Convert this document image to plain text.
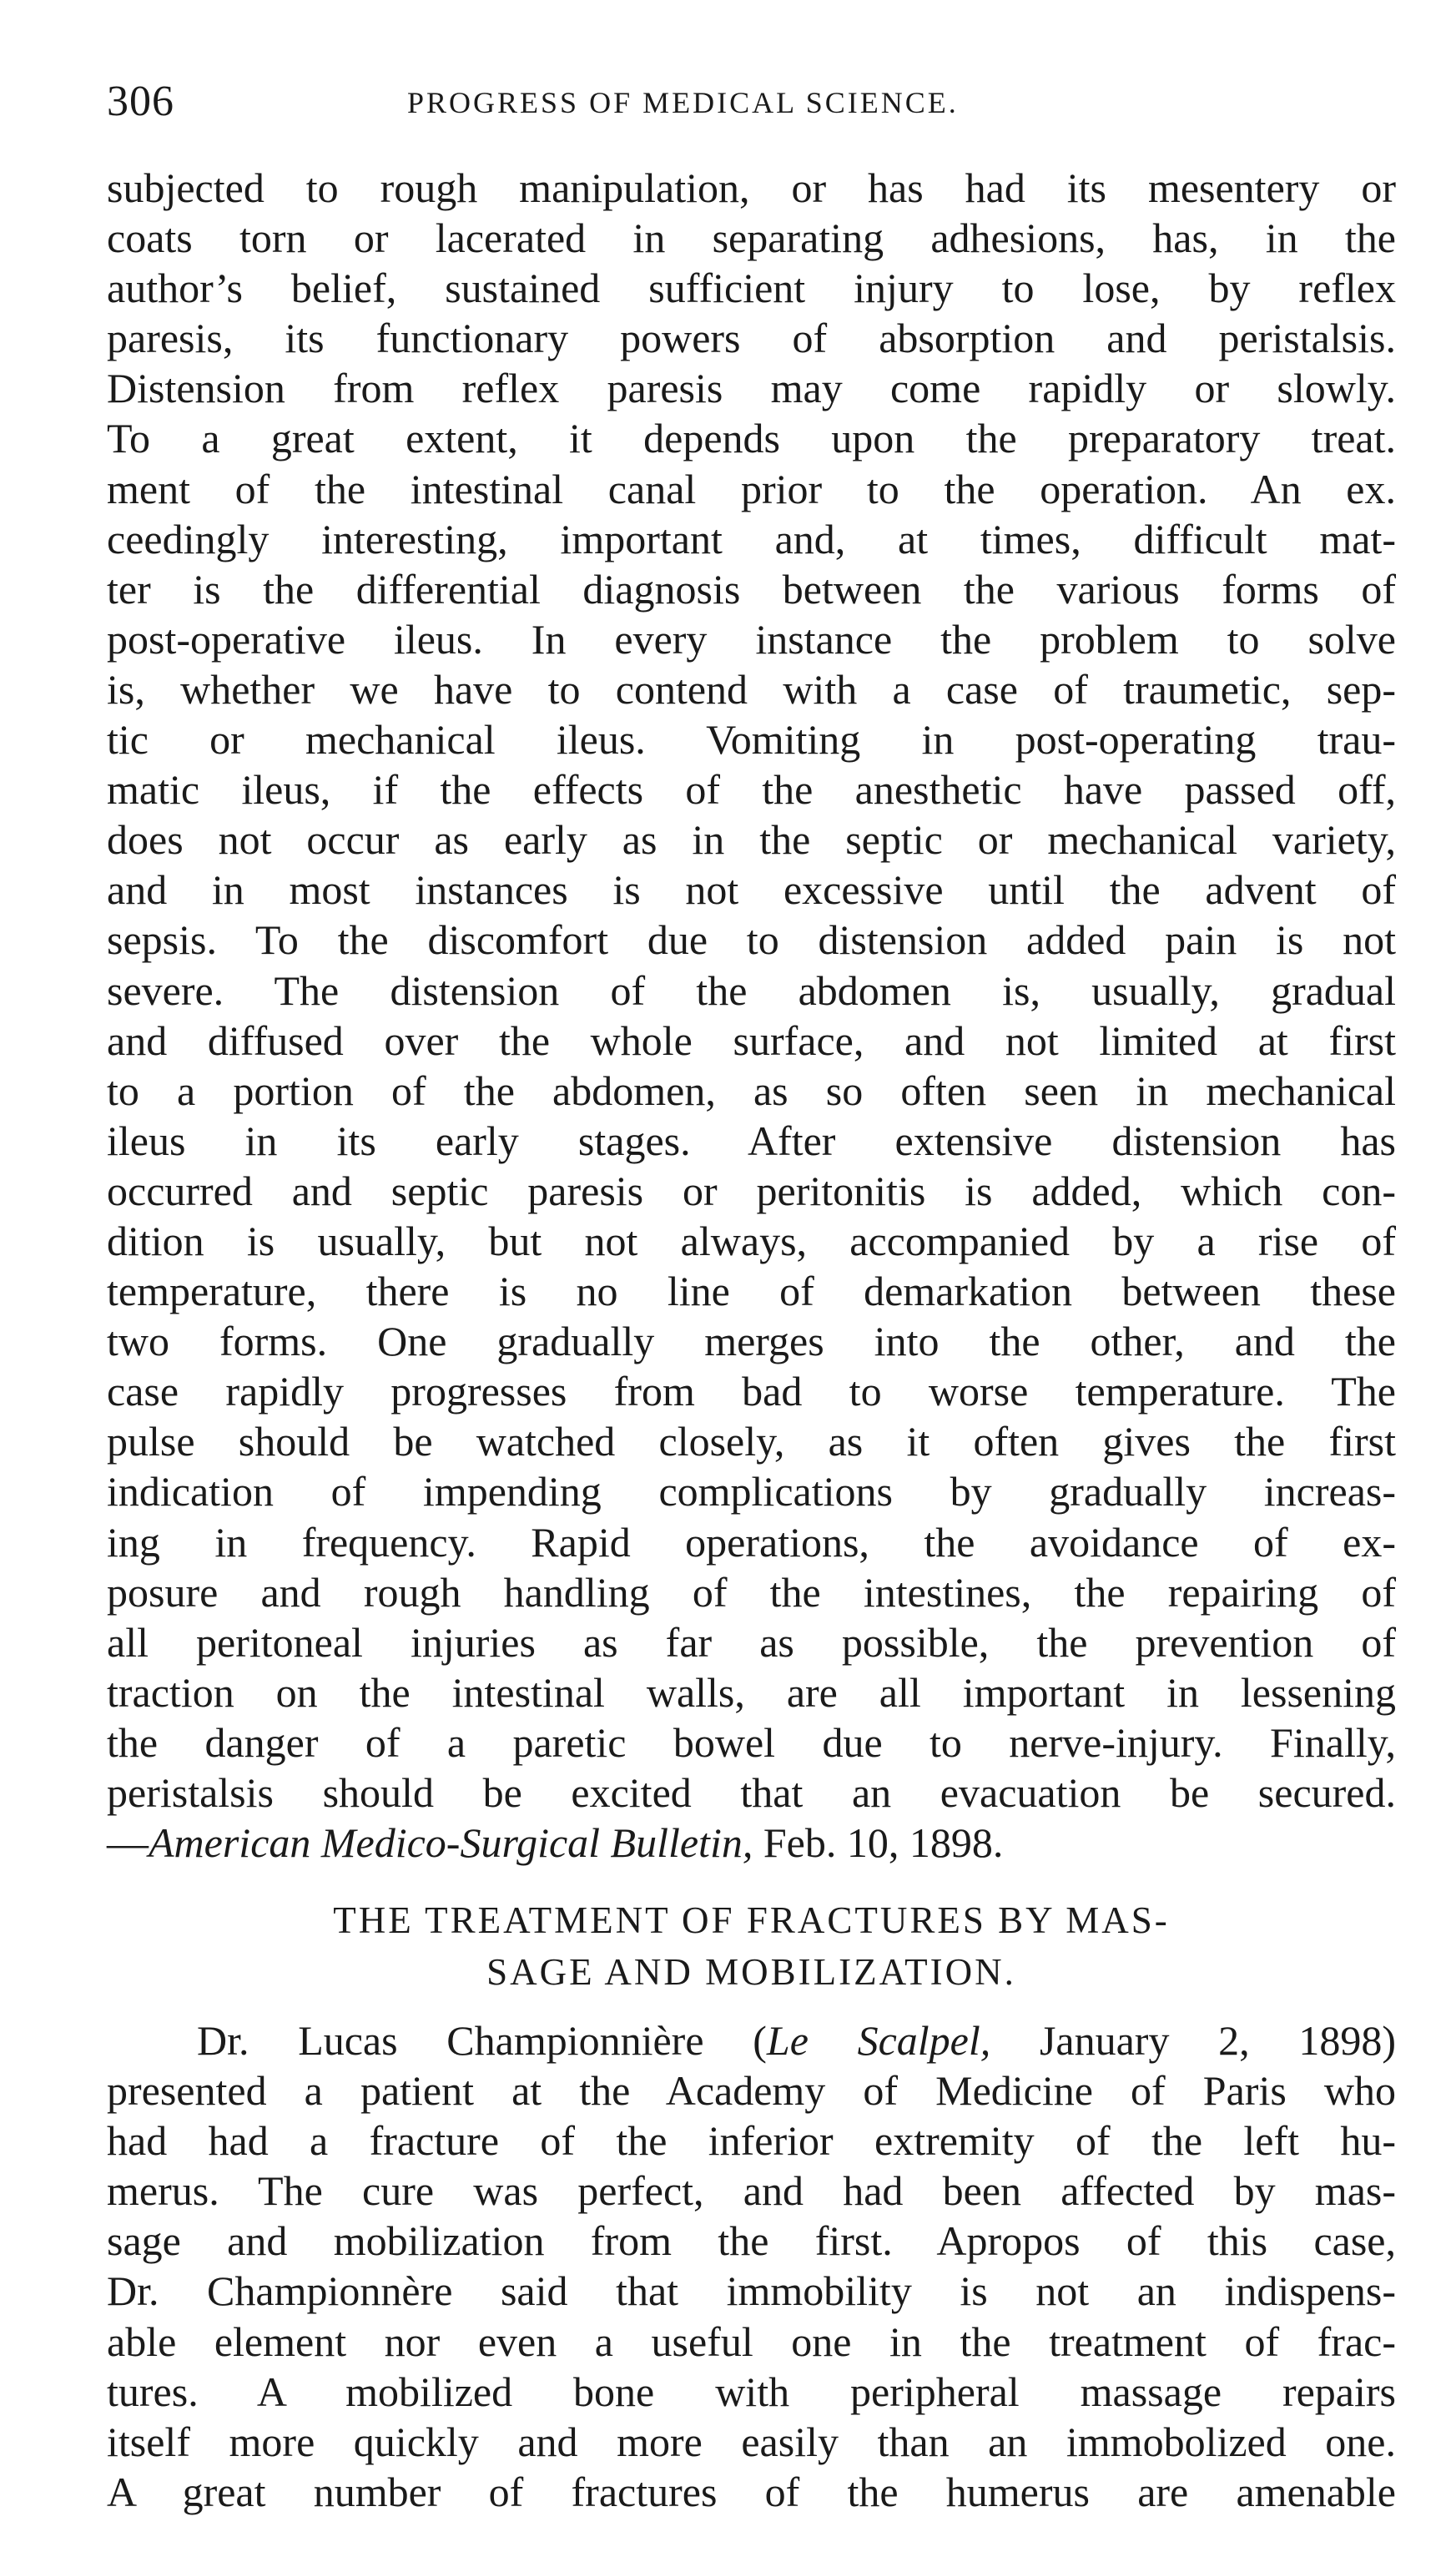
306	PROGRESS OF MEDICAL SCIENCE.
subjected to rough manipulation, or has had its mesentery or
coats torn or lacerated in separating adhesions, has, in the
author’s belief, sustained sufficient injury to lose, by reflex
paresis, its functionary powers of absorption and peristalsis.
Distension from reflex paresis may come rapidly or slowly.
To a great extent, it depends upon the preparatory treat.
ment of the intestinal canal prior to the operation. An ex.
ceedingly interesting, important and, at times, difficult mat-
ter is the differential diagnosis between the various forms of
post-operative ileus. In every instance the problem to solve
is, whether we have to contend with a case of traumetic, sep-
tic or mechanical ileus. Vomiting in post-operating trau-
matic ileus, if the effects of the anesthetic have passed off,
does not occur as early as in the septic or mechanical variety,
and in most instances is not excessive until the advent of
sepsis. To the discomfort due to distension added pain is not
severe. The distension of the abdomen is, usually, gradual
and diffused over the whole surface, and not limited at first
to a portion of the abdomen, as so often seen in mechanical
ileus in its early stages. After extensive distension has
occurred and septic paresis or peritonitis is added, which con-
dition is usually, but not always, accompanied by a rise of
temperature, there is no line of demarkation between these
two forms. One gradually merges into the other, and the
case rapidly progresses from bad to worse temperature. The
pulse should be watched closely, as it often gives the first
indication of impending complications by gradually increas-
ing in frequency. Rapid operations, the avoidance of ex-
posure and rough handling of the intestines, the repairing of
all peritoneal injuries as far as possible, the prevention of
traction on the intestinal walls, are all important in lessening
the danger of a paretic bowel due to nerve-injury. Finally,
peristalsis should be excited that an evacuation be secured.
—American Medico-Surgical Bulletin, Feb. 10, 1898.
THE TREATMENT OF FRACTURES BY MAS-
SAGE AND MOBILIZATION.
Dr. Lucas Championnière (Le Scalpel, January 2, 1898)
presented a patient at the Academy of Medicine of Paris who
had had a fracture of the inferior extremity of the left hu-
merus. The cure was perfect, and had been affected by mas-
sage and mobilization from the first. Apropos of this case,
Dr. Championnère said that immobility is not an indispens-
able element nor even a useful one in the treatment of frac-
tures. A mobilized bone with peripheral massage repairs
itself more quickly and more easily than an immobolized one.
A great number of fractures of the humerus are amenable
